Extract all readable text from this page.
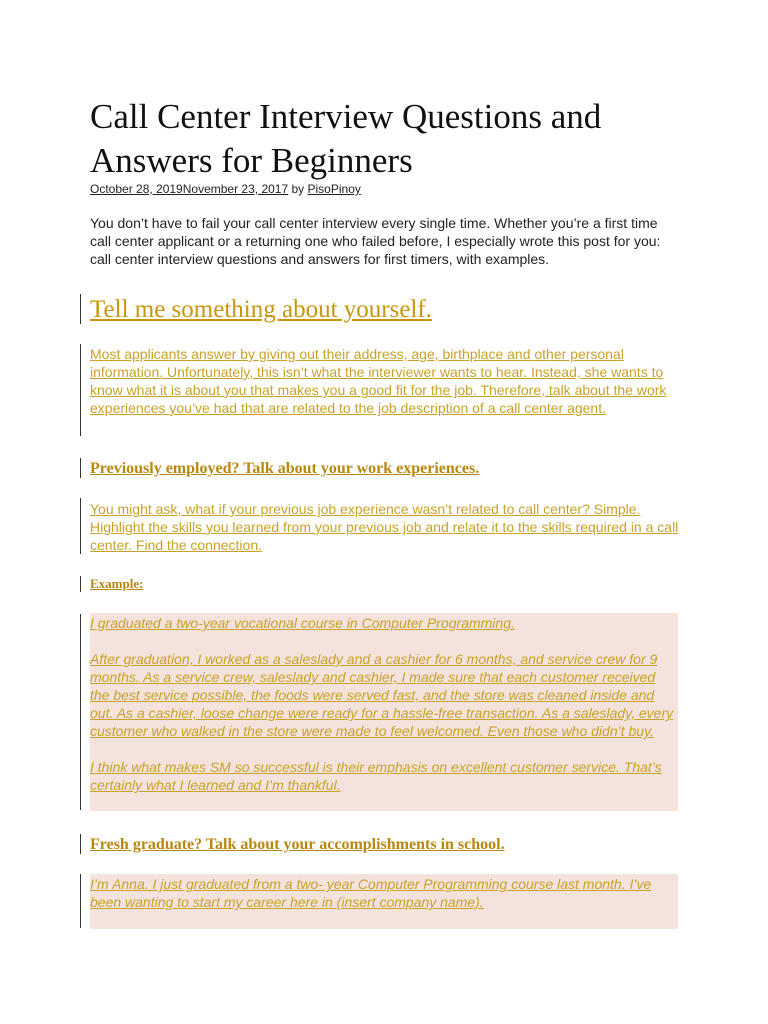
Call Center Interview Questions and Answers for Beginners
October 28, 2019November 23, 2017 by PisoPinoy

You don’t have to fail your call center interview every single time. Whether you’re a first time call center applicant or a returning one who failed before, I especially wrote this post for you: call center interview questions and answers for first timers, with examples.

Tell me something about yourself.

Most applicants answer by giving out their address, age, birthplace and other personal information. Unfortunately, this isn’t what the interviewer wants to hear. Instead, she wants to know what it is about you that makes you a good fit for the job. Therefore, talk about the work experiences you’ve had that are related to the job description of a call center agent.

Previously employed? Talk about your work experiences.

You might ask, what if your previous job experience wasn’t related to call center? Simple. Highlight the skills you learned from your previous job and relate it to the skills required in a call center. Find the connection.

Example:

I graduated a two-year vocational course in Computer Programming.

After graduation, I worked as a saleslady and a cashier for 6 months, and service crew for 9 months. As a service crew, saleslady and cashier, I made sure that each customer received the best service possible, the foods were served fast, and the store was cleaned inside and out. As a cashier, loose change were ready for a hassle-free transaction. As a saleslady, every customer who walked in the store were made to feel welcomed. Even those who didn’t buy.

I think what makes SM so successful is their emphasis on excellent customer service. That’s certainly what I learned and I’m thankful.

Fresh graduate? Talk about your accomplishments in school.

I’m Anna. I just graduated from a two- year Computer Programming course last month. I’ve been wanting to start my career here in (insert company name).
